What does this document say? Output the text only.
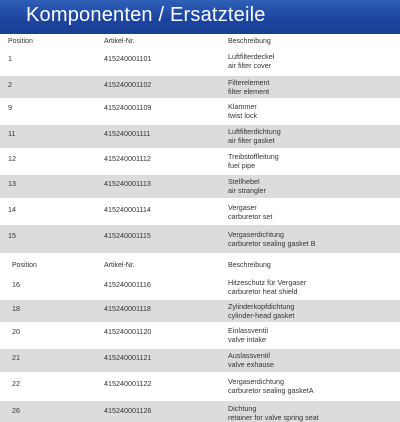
Komponenten / Ersatzteile
Position	Artikel-Nr.	Beschreibung
1	415240001101	Luftfilterdeckel
air filter cover
2	415240001102	Filterelement
filter element
9	415240001109	Klammer
twist lock
11	415240001111	Luftfilterdichtung
air filter gasket
12	415240001112	Treibstoffleitung
fuel pipe
13	415240001113	Stellhebel
air strangler
14	415240001114	Vergaser
carburetor set
15	415240001115	Vergaserdichtung
carburetor sealing gasket B
Position	Artikel-Nr.	Beschreibung
16	415240001116	Hitzeschutz für Vergaser
carburetor heat shield
18	415240001118	Zylinderkopfdichtung
cylinder-head gasket
20	415240001120	Einlassventil
valve intake
21	415240001121	Auslassventil
valve exhause
22	415240001122	Vergaserdichtung
carburetor sealing gasketA
26	415240001126	Dichtung
retainer for valve spring seat
